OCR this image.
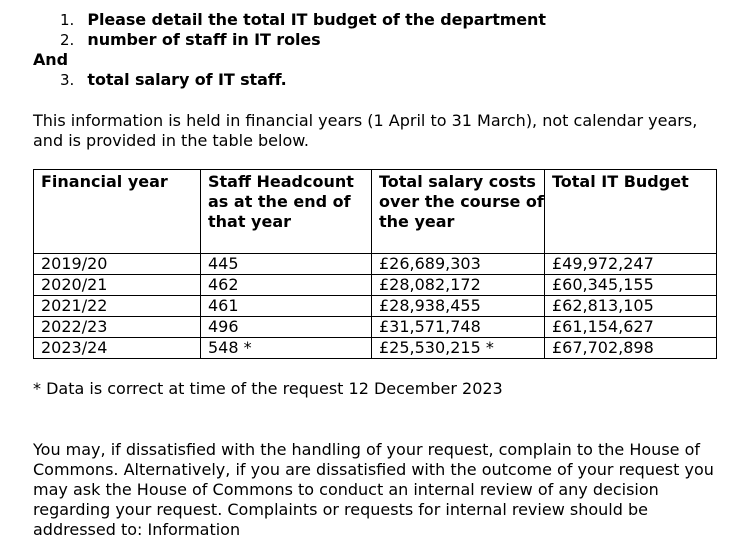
1. Please detail the total IT budget of the department
2. number of staff in IT roles
And
3. total salary of IT staff.
This information is held in financial years (1 April to 31 March), not calendar years, and is provided in the table below.
Financial year	Staff Headcount as at the end of that year	Total salary costs over the course of the year	Total IT Budget
2019/20	445	£26,689,303	£49,972,247
2020/21	462	£28,082,172	£60,345,155
2021/22	461	£28,938,455	£62,813,105
2022/23	496	£31,571,748	£61,154,627
2023/24	548 *	£25,530,215 *	£67,702,898
* Data is correct at time of the request 12 December 2023
You may, if dissatisfied with the handling of your request, complain to the House of Commons. Alternatively, if you are dissatisfied with the outcome of your request you may ask the House of Commons to conduct an internal review of any decision regarding your request. Complaints or requests for internal review should be addressed to: Information
